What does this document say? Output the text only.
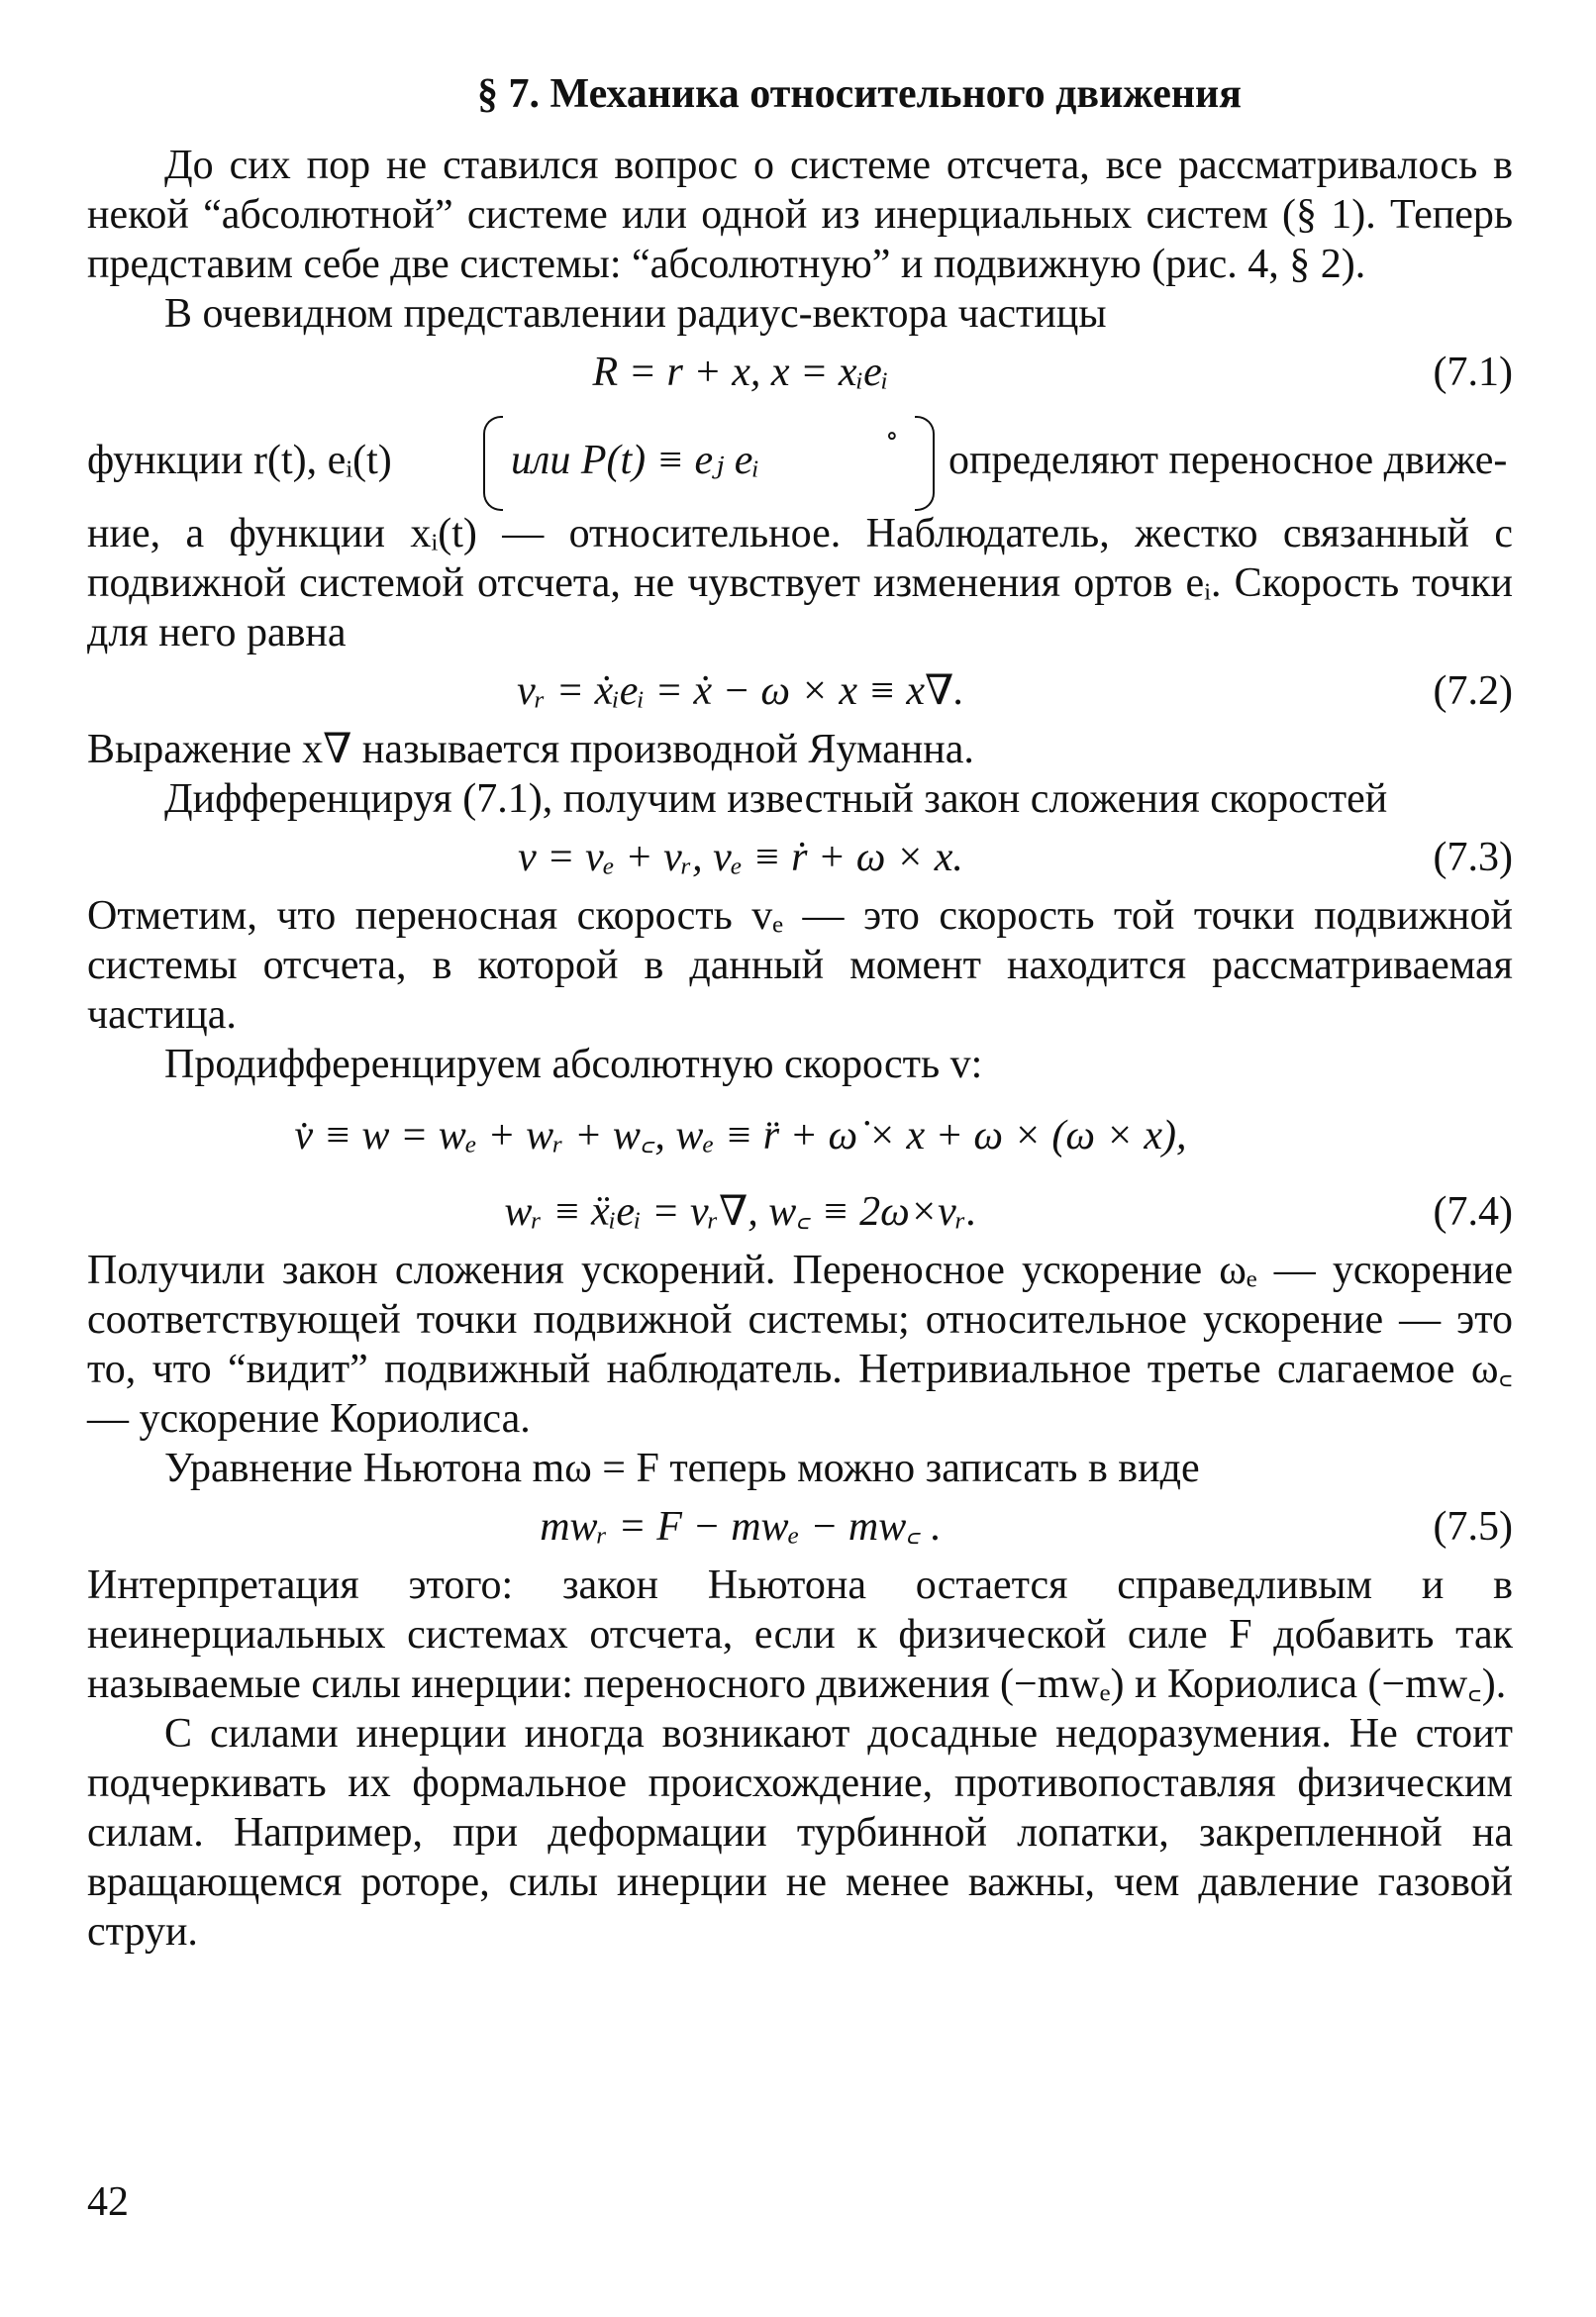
§ 7. Механика относительного движения

До сих пор не ставился вопрос о системе отсчета, все рассматривалось в некой “абсолютной” системе или одной из инерциальных систем (§ 1). Теперь представим себе две системы: “абсолютную” и подвижную (рис. 4, § 2).

В очевидном представлении радиус-вектора частицы

R = r + x, x = xᵢeᵢ	(7.1)
функции r(t), eᵢ(t)
∘
или P(t) ≡ eⱼ eᵢ	определяют переносное движе-

ние, а функции xᵢ(t) — относительное. Наблюдатель, жестко связанный с подвижной системой отсчета, не чувствует изменения ортов eᵢ. Скорость точки для него равна

vᵣ = ẋᵢeᵢ = ẋ − ω × x ≡ x∇.	(7.2)

Выражение x∇ называется производной Яуманна.

Дифференцируя (7.1), получим известный закон сложения скоростей

v = vₑ + vᵣ, vₑ ≡ ṙ + ω × x.	(7.3)

Отметим, что переносная скорость vₑ — это скорость той точки подвижной системы отсчета, в которой в данный момент находится рассматриваемая частица.

Продифференцируем абсолютную скорость v:

v̇ ≡ w = wₑ + wᵣ + w꜀, wₑ ≡ r̈ + ω̇ × x + ω × (ω × x),
wᵣ ≡ ẍᵢeᵢ = vᵣ∇, w꜀ ≡ 2ω×vᵣ.	(7.4)

Получили закон сложения ускорений. Переносное ускорение ωₑ — ускорение соответствующей точки подвижной системы; относительное ускорение — это то, что “видит” подвижный наблюдатель. Нетривиальное третье слагаемое ω꜀ — ускорение Кориолиса.

Уравнение Ньютона mω = F теперь можно записать в виде

mwᵣ = F − mwₑ − mw꜀ .	(7.5)

Интерпретация этого: закон Ньютона остается справедливым и в неинерциальных системах отсчета, если к физической силе F добавить так называемые силы инерции: переносного движения (−mwₑ) и Кориолиса (−mw꜀).

С силами инерции иногда возникают досадные недоразумения. Не стоит подчеркивать их формальное происхождение, противопоставляя физическим силам. Например, при деформации турбинной лопатки, закрепленной на вращающемся роторе, силы инерции не менее важны, чем давление газовой струи.

42
